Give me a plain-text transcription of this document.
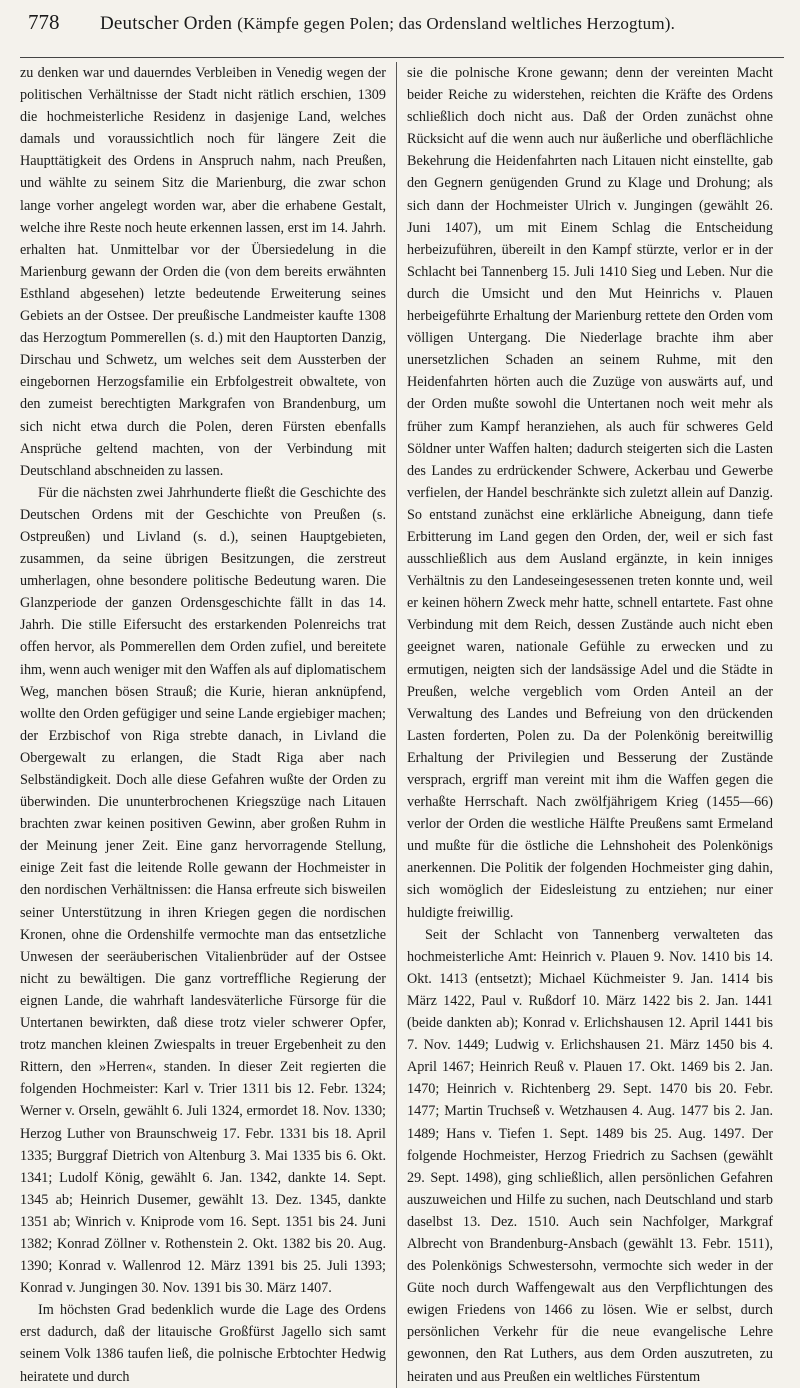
778	Deutscher Orden (Kämpfe gegen Polen; das Ordensland weltliches Herzogtum).

zu denken war und dauerndes Verbleiben in Venedig wegen der politischen Verhältnisse der Stadt nicht rätlich erschien, 1309 die hochmeisterliche Residenz in dasjenige Land, welches damals und voraussichtlich noch für längere Zeit die Haupttätigkeit des Ordens in Anspruch nahm, nach Preußen, und wählte zu seinem Sitz die Marienburg, die zwar schon lange vorher angelegt worden war, aber die erhabene Gestalt, welche ihre Reste noch heute erkennen lassen, erst im 14. Jahrh. erhalten hat. Unmittelbar vor der Übersiedelung in die Marienburg gewann der Orden die (von dem bereits erwähnten Esthland abgesehen) letzte bedeutende Erweiterung seines Gebiets an der Ostsee. Der preußische Landmeister kaufte 1308 das Herzogtum Pommerellen (s. d.) mit den Hauptorten Danzig, Dirschau und Schwetz, um welches seit dem Aussterben der eingebornen Herzogsfamilie ein Erbfolgestreit obwaltete, von den zumeist berechtigten Markgrafen von Brandenburg, um sich nicht etwa durch die Polen, deren Fürsten ebenfalls Ansprüche geltend machten, von der Verbindung mit Deutschland abschneiden zu lassen.

Für die nächsten zwei Jahrhunderte fließt die Geschichte des Deutschen Ordens mit der Geschichte von Preußen (s. Ostpreußen) und Livland (s. d.), seinen Hauptgebieten, zusammen, da seine übrigen Besitzungen, die zerstreut umherlagen, ohne besondere politische Bedeutung waren. Die Glanzperiode der ganzen Ordensgeschichte fällt in das 14. Jahrh. Die stille Eifersucht des erstarkenden Polenreichs trat offen hervor, als Pommerellen dem Orden zufiel, und bereitete ihm, wenn auch weniger mit den Waffen als auf diplomatischem Weg, manchen bösen Strauß; die Kurie, hieran anknüpfend, wollte den Orden gefügiger und seine Lande ergiebiger machen; der Erzbischof von Riga strebte danach, in Livland die Obergewalt zu erlangen, die Stadt Riga aber nach Selbständigkeit. Doch alle diese Gefahren wußte der Orden zu überwinden. Die ununterbrochenen Kriegszüge nach Litauen brachten zwar keinen positiven Gewinn, aber großen Ruhm in der Meinung jener Zeit. Eine ganz hervorragende Stellung, einige Zeit fast die leitende Rolle gewann der Hochmeister in den nordischen Verhältnissen: die Hansa erfreute sich bisweilen seiner Unterstützung in ihren Kriegen gegen die nordischen Kronen, ohne die Ordenshilfe vermochte man das entsetzliche Unwesen der seeräuberischen Vitalienbrüder auf der Ostsee nicht zu bewältigen. Die ganz vortreffliche Regierung der eignen Lande, die wahrhaft landesväterliche Fürsorge für die Untertanen bewirkten, daß diese trotz vieler schwerer Opfer, trotz manchen kleinen Zwiespalts in treuer Ergebenheit zu den Rittern, den »Herren«, standen. In dieser Zeit regierten die folgenden Hochmeister: Karl v. Trier 1311 bis 12. Febr. 1324; Werner v. Orseln, gewählt 6. Juli 1324, ermordet 18. Nov. 1330; Herzog Luther von Braunschweig 17. Febr. 1331 bis 18. April 1335; Burggraf Dietrich von Altenburg 3. Mai 1335 bis 6. Okt. 1341; Ludolf König, gewählt 6. Jan. 1342, dankte 14. Sept. 1345 ab; Heinrich Dusemer, gewählt 13. Dez. 1345, dankte 1351 ab; Winrich v. Kniprode vom 16. Sept. 1351 bis 24. Juni 1382; Konrad Zöllner v. Rothenstein 2. Okt. 1382 bis 20. Aug. 1390; Konrad v. Wallenrod 12. März 1391 bis 25. Juli 1393; Konrad v. Jungingen 30. Nov. 1391 bis 30. März 1407.

Im höchsten Grad bedenklich wurde die Lage des Ordens erst dadurch, daß der litauische Großfürst Jagello sich samt seinem Volk 1386 taufen ließ, die polnische Erbtochter Hedwig heiratete und durch

sie die polnische Krone gewann; denn der vereinten Macht beider Reiche zu widerstehen, reichten die Kräfte des Ordens schließlich doch nicht aus. Daß der Orden zunächst ohne Rücksicht auf die wenn auch nur äußerliche und oberflächliche Bekehrung die Heidenfahrten nach Litauen nicht einstellte, gab den Gegnern genügenden Grund zu Klage und Drohung; als sich dann der Hochmeister Ulrich v. Jungingen (gewählt 26. Juni 1407), um mit Einem Schlag die Entscheidung herbeizuführen, übereilt in den Kampf stürzte, verlor er in der Schlacht bei Tannenberg 15. Juli 1410 Sieg und Leben. Nur die durch die Umsicht und den Mut Heinrichs v. Plauen herbeigeführte Erhaltung der Marienburg rettete den Orden vom völligen Untergang. Die Niederlage brachte ihm aber unersetzlichen Schaden an seinem Ruhme, mit den Heidenfahrten hörten auch die Zuzüge von auswärts auf, und der Orden mußte sowohl die Untertanen noch weit mehr als früher zum Kampf heranziehen, als auch für schweres Geld Söldner unter Waffen halten; dadurch steigerten sich die Lasten des Landes zu erdrückender Schwere, Ackerbau und Gewerbe verfielen, der Handel beschränkte sich zuletzt allein auf Danzig. So entstand zunächst eine erklärliche Abneigung, dann tiefe Erbitterung im Land gegen den Orden, der, weil er sich fast ausschließlich aus dem Ausland ergänzte, in kein inniges Verhältnis zu den Landeseingesessenen treten konnte und, weil er keinen höhern Zweck mehr hatte, schnell entartete. Fast ohne Verbindung mit dem Reich, dessen Zustände auch nicht eben geeignet waren, nationale Gefühle zu erwecken und zu ermutigen, neigten sich der landsässige Adel und die Städte in Preußen, welche vergeblich vom Orden Anteil an der Verwaltung des Landes und Befreiung von den drückenden Lasten forderten, Polen zu. Da der Polenkönig bereitwillig Erhaltung der Privilegien und Besserung der Zustände versprach, ergriff man vereint mit ihm die Waffen gegen die verhaßte Herrschaft. Nach zwölfjährigem Krieg (1455—66) verlor der Orden die westliche Hälfte Preußens samt Ermeland und mußte für die östliche die Lehnshoheit des Polenkönigs anerkennen. Die Politik der folgenden Hochmeister ging dahin, sich womöglich der Eidesleistung zu entziehen; nur einer huldigte freiwillig.

Seit der Schlacht von Tannenberg verwalteten das hochmeisterliche Amt: Heinrich v. Plauen 9. Nov. 1410 bis 14. Okt. 1413 (entsetzt); Michael Küchmeister 9. Jan. 1414 bis März 1422, Paul v. Rußdorf 10. März 1422 bis 2. Jan. 1441 (beide dankten ab); Konrad v. Erlichshausen 12. April 1441 bis 7. Nov. 1449; Ludwig v. Erlichshausen 21. März 1450 bis 4. April 1467; Heinrich Reuß v. Plauen 17. Okt. 1469 bis 2. Jan. 1470; Heinrich v. Richtenberg 29. Sept. 1470 bis 20. Febr. 1477; Martin Truchseß v. Wetzhausen 4. Aug. 1477 bis 2. Jan. 1489; Hans v. Tiefen 1. Sept. 1489 bis 25. Aug. 1497. Der folgende Hochmeister, Herzog Friedrich zu Sachsen (gewählt 29. Sept. 1498), ging schließlich, allen persönlichen Gefahren auszuweichen und Hilfe zu suchen, nach Deutschland und starb daselbst 13. Dez. 1510. Auch sein Nachfolger, Markgraf Albrecht von Brandenburg-Ansbach (gewählt 13. Febr. 1511), des Polenkönigs Schwestersohn, vermochte sich weder in der Güte noch durch Waffengewalt aus den Verpflichtungen des ewigen Friedens von 1466 zu lösen. Wie er selbst, durch persönlichen Verkehr für die neue evangelische Lehre gewonnen, den Rat Luthers, aus dem Orden auszutreten, zu heiraten und aus Preußen ein weltliches Fürstentum
